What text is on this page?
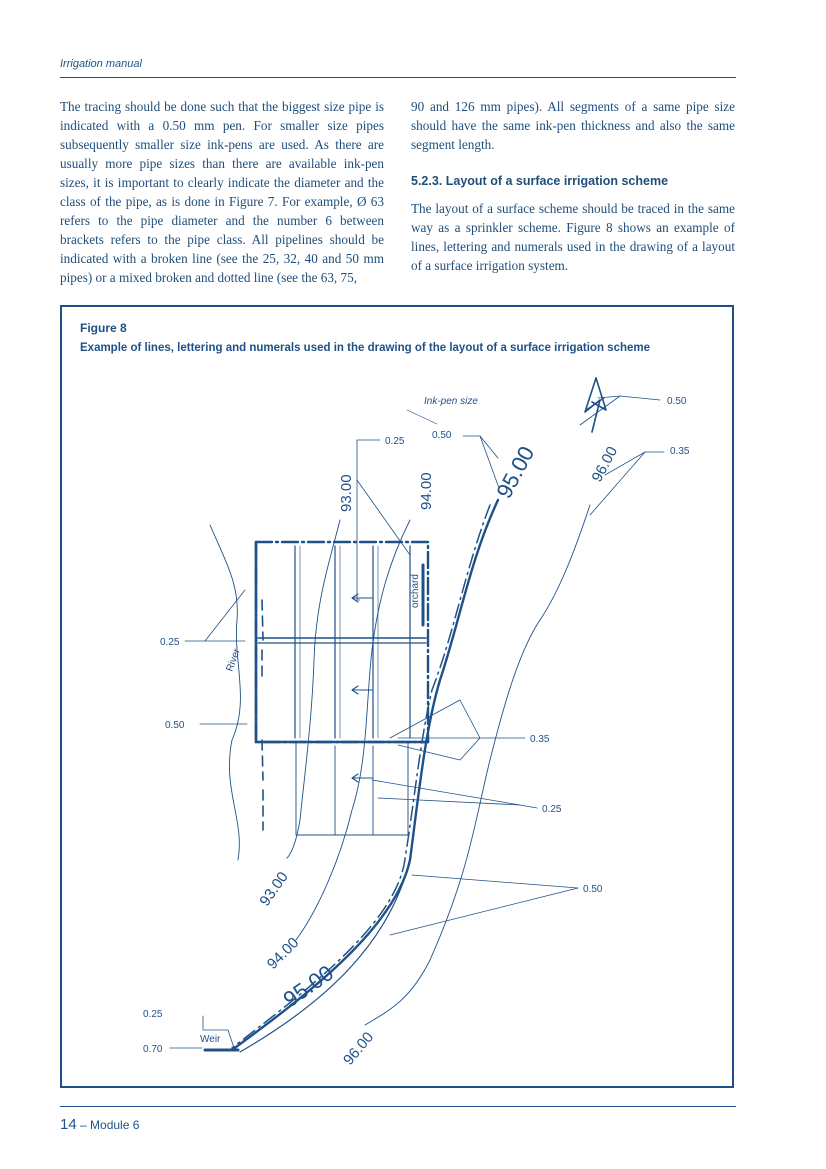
Irrigation manual

The tracing should be done such that the biggest size pipe is indicated with a 0.50 mm pen. For smaller size pipes subsequently smaller size ink-pens are used. As there are usually more pipe sizes than there are available ink-pen sizes, it is important to clearly indicate the diameter and the class of the pipe, as is done in Figure 7. For example, Ø 63 refers to the pipe diameter and the number 6 between brackets refers to the pipe class. All pipelines should be indicated with a broken line (see the 25, 32, 40 and 50 mm pipes) or a mixed broken and dotted line (see the 63, 75,

90 and 126 mm pipes). All segments of a same pipe size should have the same ink-pen thickness and also the same segment length.

5.2.3. Layout of a surface irrigation scheme

The layout of a surface scheme should be traced in the same way as a sprinkler scheme. Figure 8 shows an example of lines, lettering and numerals used in the drawing of a layout of a surface irrigation system.

Figure 8
Example of lines, lettering and numerals used in the drawing of the layout of a surface irrigation scheme
Ink-pen size	0.50
0.50
0.35
0.25
0.25
0.50
0.35
0.25
0.50
0.25
0.70
Weir
River
orchard
93.00	94.00	95.00	96.00
93.00
94.00
95.00
96.00
14 – Module 6
